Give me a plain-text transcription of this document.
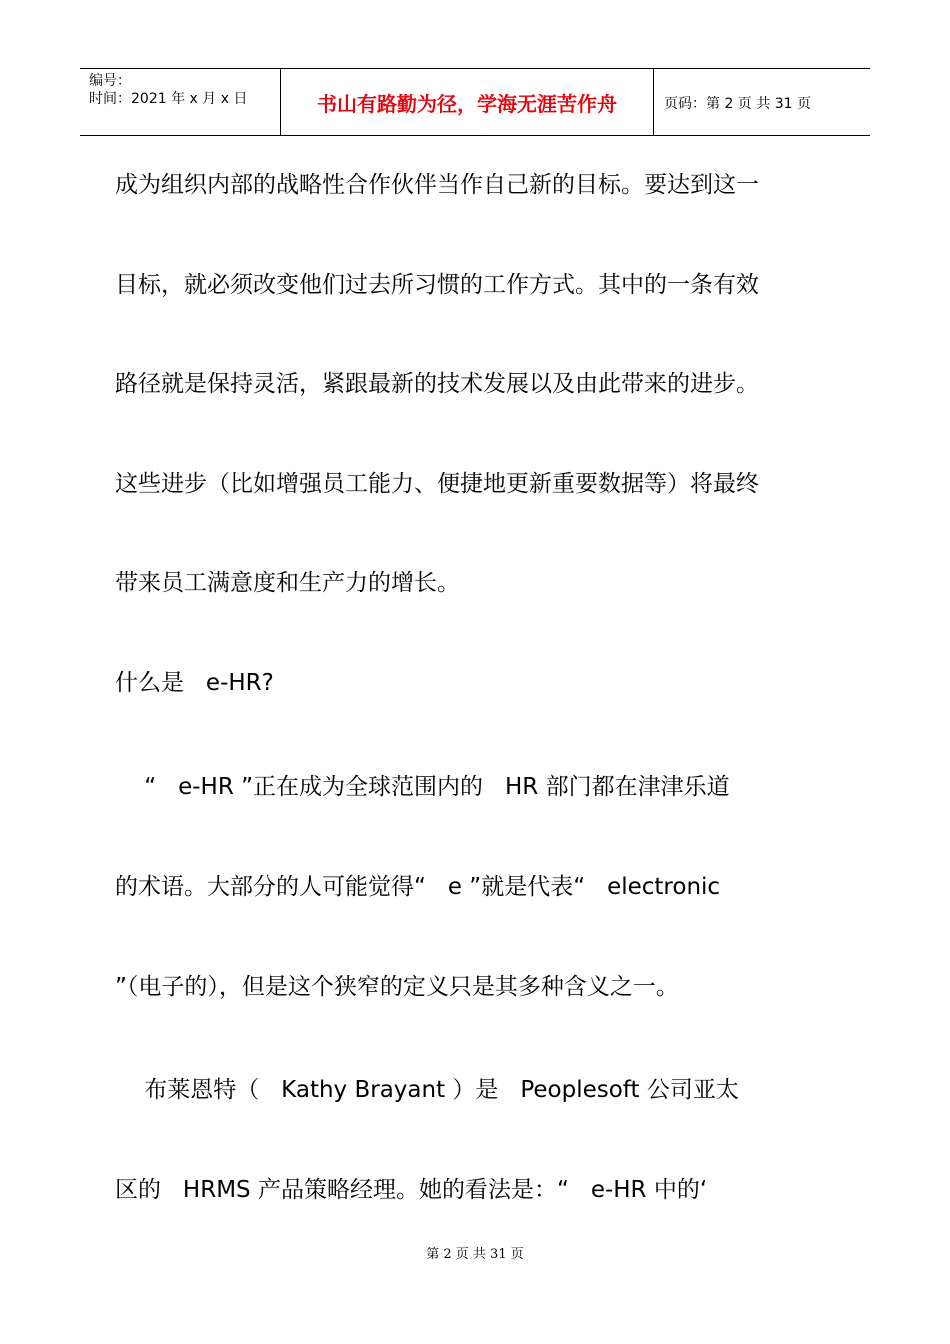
编号：
时间：2021 年 x 月 x 日	书山有路勤为径，学海无涯苦作舟	页码：第 2 页 共 31 页
成为组织内部的战略性合作伙伴当作自己新的目标。要达到这一
目标，就必须改变他们过去所习惯的工作方式。其中的一条有效
路径就是保持灵活，紧跟最新的技术发展以及由此带来的进步。
这些进步（比如增强员工能力、便捷地更新重要数据等）将最终
带来员工满意度和生产力的增长。
什么是   e-HR?
“   e-HR ”正在成为全球范围内的   HR 部门都在津津乐道
的术语。大部分的人可能觉得“   e ”就是代表“   electronic
”（电子的），但是这个狭窄的定义只是其多种含义之一。
布莱恩特（   Kathy Brayant ）是   Peoplesoft 公司亚太
区的   HRMS 产品策略经理。她的看法是：“   e-HR 中的‘
第 2 页 共 31 页
